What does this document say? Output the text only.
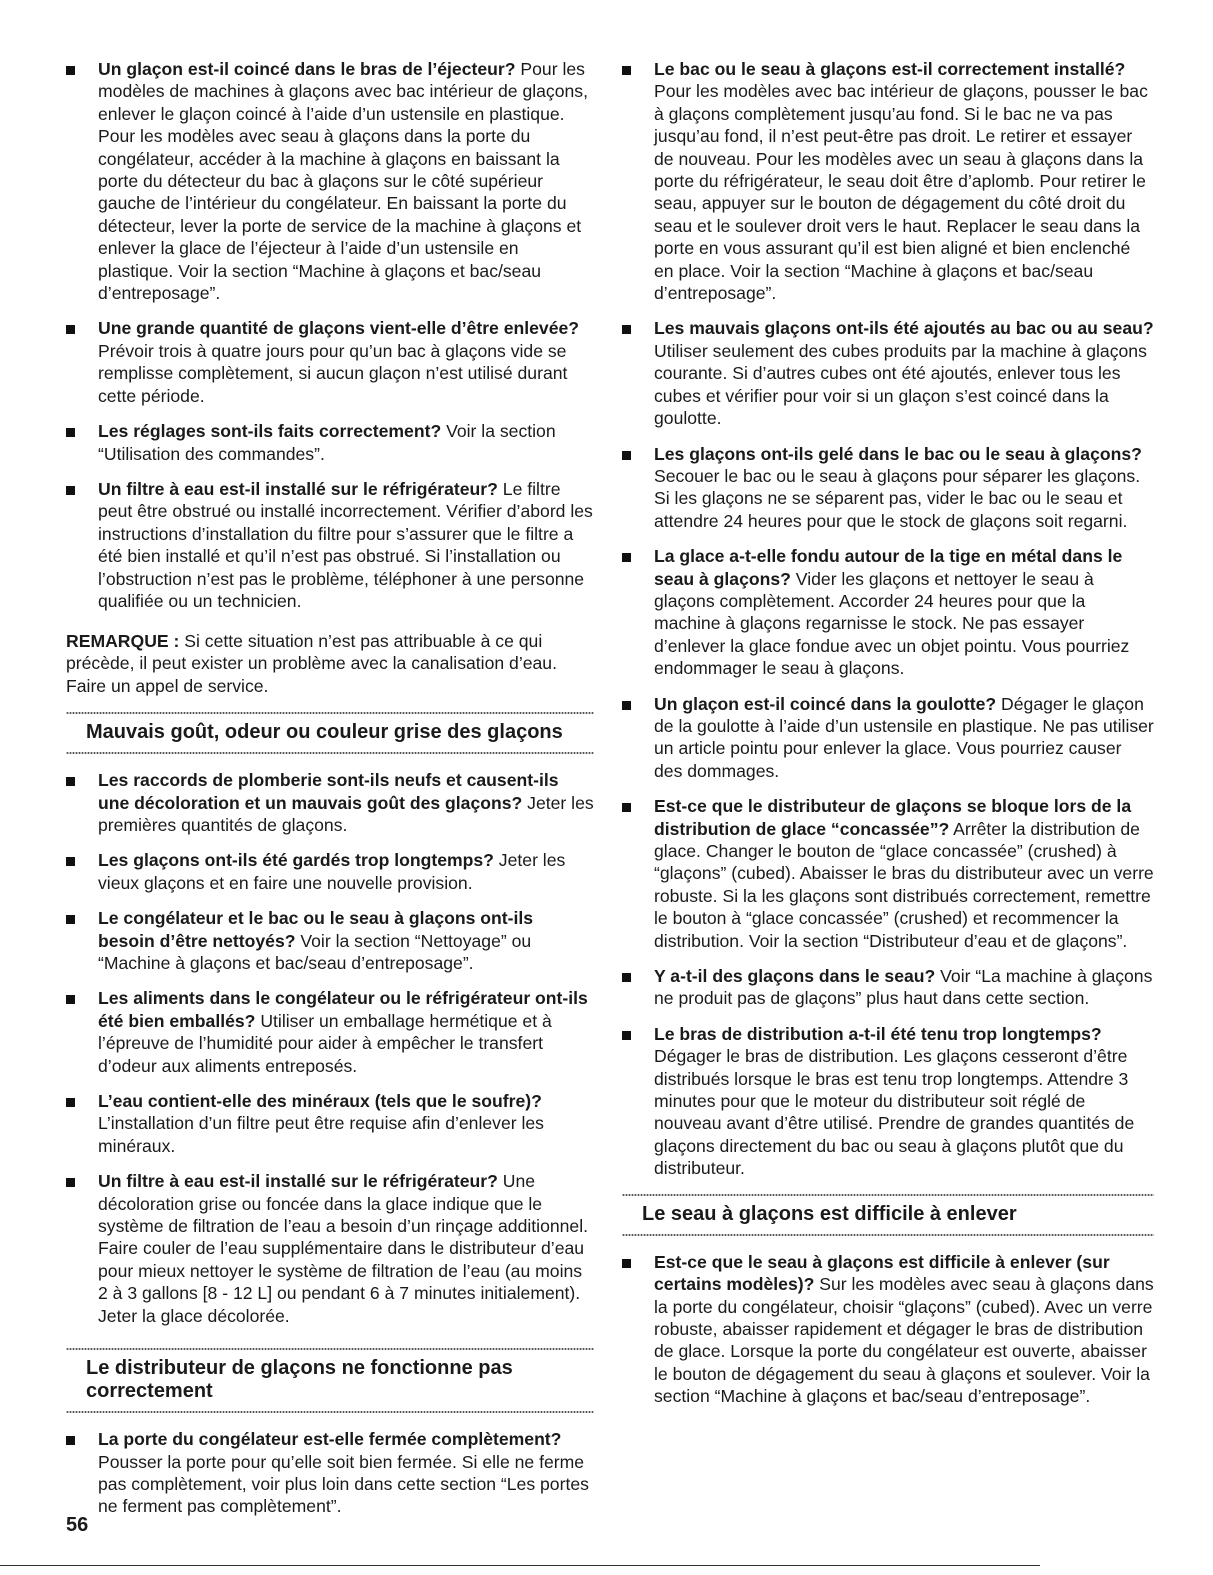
Un glaçon est-il coincé dans le bras de l’éjecteur? Pour les modèles de machines à glaçons avec bac intérieur de glaçons, enlever le glaçon coincé à l’aide d’un ustensile en plastique. Pour les modèles avec seau à glaçons dans la porte du congélateur, accéder à la machine à glaçons en baissant la porte du détecteur du bac à glaçons sur le côté supérieur gauche de l’intérieur du congélateur. En baissant la porte du détecteur, lever la porte de service de la machine à glaçons et enlever la glace de l’éjecteur à l’aide d’un ustensile en plastique. Voir la section “Machine à glaçons et bac/seau d’entreposage”.
Une grande quantité de glaçons vient-elle d’être enlevée? Prévoir trois à quatre jours pour qu’un bac à glaçons vide se remplisse complètement, si aucun glaçon n’est utilisé durant cette période.
Les réglages sont-ils faits correctement? Voir la section “Utilisation des commandes”.
Un filtre à eau est-il installé sur le réfrigérateur? Le filtre peut être obstrué ou installé incorrectement. Vérifier d’abord les instructions d’installation du filtre pour s’assurer que le filtre a été bien installé et qu’il n’est pas obstrué. Si l’installation ou l’obstruction n’est pas le problème, téléphoner à une personne qualifiée ou un technicien.

REMARQUE : Si cette situation n’est pas attribuable à ce qui précède, il peut exister un problème avec la canalisation d’eau. Faire un appel de service.

Mauvais goût, odeur ou couleur grise des glaçons
Les raccords de plomberie sont-ils neufs et causent-ils une décoloration et un mauvais goût des glaçons? Jeter les premières quantités de glaçons.
Les glaçons ont-ils été gardés trop longtemps? Jeter les vieux glaçons et en faire une nouvelle provision.
Le congélateur et le bac ou le seau à glaçons ont-ils besoin d’être nettoyés? Voir la section “Nettoyage” ou “Machine à glaçons et bac/seau d’entreposage”.
Les aliments dans le congélateur ou le réfrigérateur ont-ils été bien emballés? Utiliser un emballage hermétique et à l’épreuve de l’humidité pour aider à empêcher le transfert d’odeur aux aliments entreposés.
L’eau contient-elle des minéraux (tels que le soufre)? L’installation d’un filtre peut être requise afin d’enlever les minéraux.
Un filtre à eau est-il installé sur le réfrigérateur? Une décoloration grise ou foncée dans la glace indique que le système de filtration de l’eau a besoin d’un rinçage additionnel. Faire couler de l’eau supplémentaire dans le distributeur d’eau pour mieux nettoyer le système de filtration de l’eau (au moins 2 à 3 gallons [8 - 12 L] ou pendant 6 à 7 minutes initialement). Jeter la glace décolorée.
Le distributeur de glaçons ne fonctionne pas correctement
La porte du congélateur est-elle fermée complètement? Pousser la porte pour qu’elle soit bien fermée. Si elle ne ferme pas complètement, voir plus loin dans cette section “Les portes ne ferment pas complètement”.
Le bac ou le seau à glaçons est-il correctement installé? Pour les modèles avec bac intérieur de glaçons, pousser le bac à glaçons complètement jusqu’au fond. Si le bac ne va pas jusqu’au fond, il n’est peut-être pas droit. Le retirer et essayer de nouveau. Pour les modèles avec un seau à glaçons dans la porte du réfrigérateur, le seau doit être d’aplomb. Pour retirer le seau, appuyer sur le bouton de dégagement du côté droit du seau et le soulever droit vers le haut. Replacer le seau dans la porte en vous assurant qu’il est bien aligné et bien enclenché en place. Voir la section “Machine à glaçons et bac/seau d’entreposage”.
Les mauvais glaçons ont-ils été ajoutés au bac ou au seau? Utiliser seulement des cubes produits par la machine à glaçons courante. Si d’autres cubes ont été ajoutés, enlever tous les cubes et vérifier pour voir si un glaçon s’est coincé dans la goulotte.
Les glaçons ont-ils gelé dans le bac ou le seau à glaçons? Secouer le bac ou le seau à glaçons pour séparer les glaçons. Si les glaçons ne se séparent pas, vider le bac ou le seau et attendre 24 heures pour que le stock de glaçons soit regarni.
La glace a-t-elle fondu autour de la tige en métal dans le seau à glaçons? Vider les glaçons et nettoyer le seau à glaçons complètement. Accorder 24 heures pour que la machine à glaçons regarnisse le stock. Ne pas essayer d’enlever la glace fondue avec un objet pointu. Vous pourriez endommager le seau à glaçons.
Un glaçon est-il coincé dans la goulotte? Dégager le glaçon de la goulotte à l’aide d’un ustensile en plastique. Ne pas utiliser un article pointu pour enlever la glace. Vous pourriez causer des dommages.
Est-ce que le distributeur de glaçons se bloque lors de la distribution de glace “concassée”? Arrêter la distribution de glace. Changer le bouton de “glace concassée” (crushed) à “glaçons” (cubed). Abaisser le bras du distributeur avec un verre robuste. Si la les glaçons sont distribués correctement, remettre le bouton à “glace concassée” (crushed) et recommencer la distribution. Voir la section “Distributeur d’eau et de glaçons”.
Y a-t-il des glaçons dans le seau? Voir “La machine à glaçons ne produit pas de glaçons” plus haut dans cette section.
Le bras de distribution a-t-il été tenu trop longtemps? Dégager le bras de distribution. Les glaçons cesseront d’être distribués lorsque le bras est tenu trop longtemps. Attendre 3 minutes pour que le moteur du distributeur soit réglé de nouveau avant d’être utilisé. Prendre de grandes quantités de glaçons directement du bac ou seau à glaçons plutôt que du distributeur.
Le seau à glaçons est difficile à enlever
Est-ce que le seau à glaçons est difficile à enlever (sur certains modèles)? Sur les modèles avec seau à glaçons dans la porte du congélateur, choisir “glaçons” (cubed). Avec un verre robuste, abaisser rapidement et dégager le bras de distribution de glace. Lorsque la porte du congélateur est ouverte, abaisser le bouton de dégagement du seau à glaçons et soulever. Voir la section “Machine à glaçons et bac/seau d’entreposage”.
56
